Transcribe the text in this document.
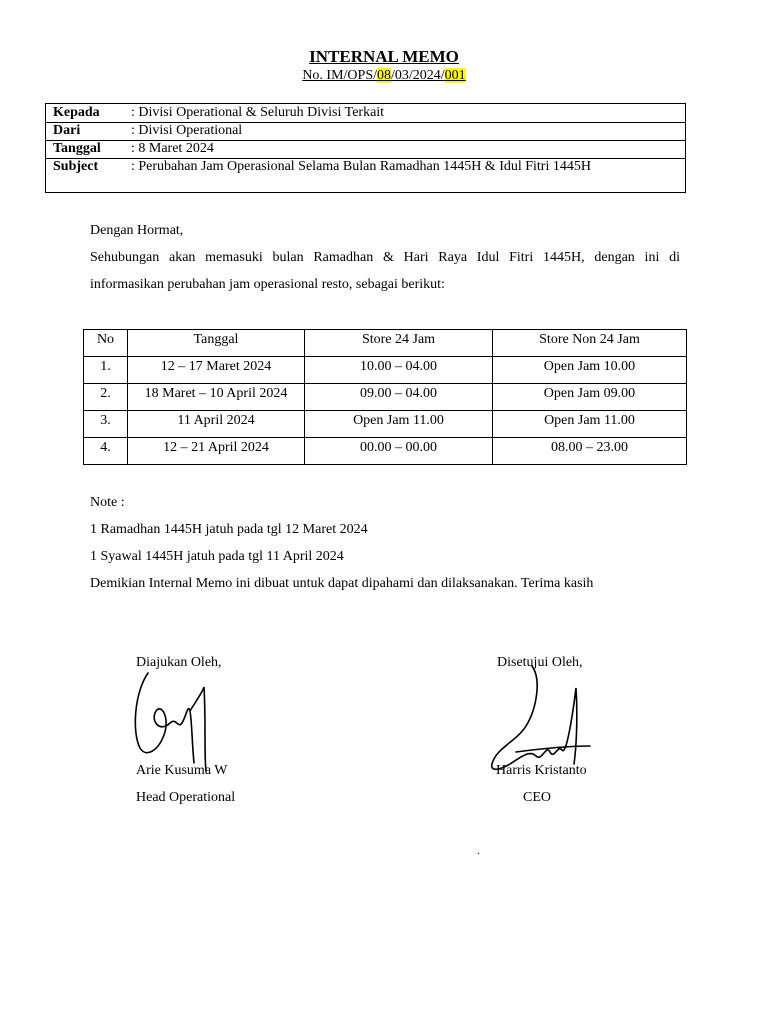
INTERNAL MEMO
No. IM/OPS/08/03/2024/001
Kepada : Divisi Operational & Seluruh Divisi Terkait
Dari	: Divisi Operational
Tanggal : 8 Maret 2024
Subject : Perubahan Jam Operasional Selama Bulan Ramadhan 1445H & Idul Fitri 1445H
Dengan Hormat,
Sehubungan akan memasuki bulan Ramadhan & Hari Raya Idul Fitri 1445H, dengan ini di
informasikan perubahan jam operasional resto, sebagai berikut:
No	Tanggal	Store 24 Jam	Store Non 24 Jam
1.	12 – 17 Maret 2024	10.00 – 04.00	Open Jam 10.00
2.	18 Maret – 10 April 2024	09.00 – 04.00	Open Jam 09.00
3.	11 April 2024	Open Jam 11.00	Open Jam 11.00
4.	12 – 21 April 2024	00.00 – 00.00	08.00 – 23.00
Note :
1 Ramadhan 1445H jatuh pada tgl 12 Maret 2024
1 Syawal 1445H jatuh pada tgl 11 April 2024
Demikian Internal Memo ini dibuat untuk dapat dipahami dan dilaksanakan. Terima kasih
Diajukan Oleh,
Arie Kusuma W
Head Operational
Disetujui Oleh,
Harris Kristanto
CEO
.
